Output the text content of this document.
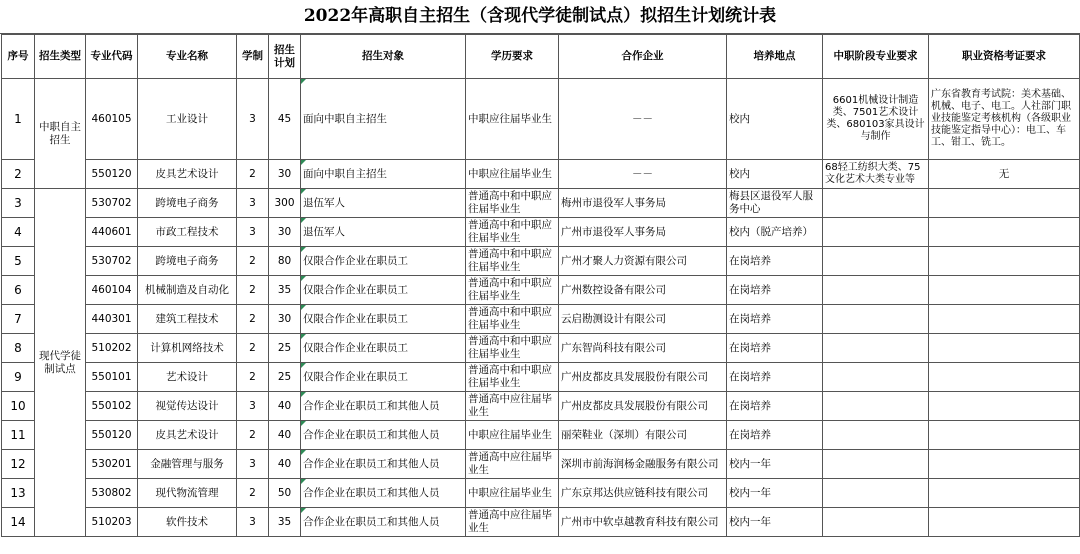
2022年高职自主招生（含现代学徒制试点）拟招生计划统计表
序号	招生类型	专业代码	专业名称	学制	招生计划	招生对象	学历要求	合作企业	培养地点	中职阶段专业要求	职业资格考证要求
1	中职自主招生	460105	工业设计	3	45	面向中职自主招生	中职应往届毕业生	－－	校内	6601机械设计制造类、7501艺术设计类、680103家具设计与制作	广东省教育考试院：美术基础、机械、电子、电工。人社部门职业技能鉴定考核机构（各级职业技能鉴定指导中心）：电工、车工、钳工、铣工。
2		550120	皮具艺术设计	2	30	面向中职自主招生	中职应往届毕业生	－－	校内	68轻工纺织大类、75文化艺术大类专业等	无
3	现代学徒制试点	530702	跨境电子商务	3	300	退伍军人	普通高中和中职应往届毕业生	梅州市退役军人事务局	梅县区退役军人服务中心		
4		440601	市政工程技术	3	30	退伍军人	普通高中和中职应往届毕业生	广州市退役军人事务局	校内（脱产培养）		
5		530702	跨境电子商务	2	80	仅限合作企业在职员工	普通高中和中职应往届毕业生	广州才聚人力资源有限公司	在岗培养		
6		460104	机械制造及自动化	2	35	仅限合作企业在职员工	普通高中和中职应往届毕业生	广州数控设备有限公司	在岗培养		
7		440301	建筑工程技术	2	30	仅限合作企业在职员工	普通高中和中职应往届毕业生	云启勘测设计有限公司	在岗培养		
8		510202	计算机网络技术	2	25	仅限合作企业在职员工	普通高中和中职应往届毕业生	广东智尚科技有限公司	在岗培养		
9		550101	艺术设计	2	25	仅限合作企业在职员工	普通高中和中职应往届毕业生	广州皮都皮具发展股份有限公司	在岗培养		
10		550102	视觉传达设计	3	40	合作企业在职员工和其他人员	普通高中应往届毕业生	广州皮都皮具发展股份有限公司	在岗培养		
11		550120	皮具艺术设计	2	40	合作企业在职员工和其他人员	中职应往届毕业生	丽荣鞋业（深圳）有限公司	在岗培养		
12		530201	金融管理与服务	3	40	合作企业在职员工和其他人员	普通高中应往届毕业生	深圳市前海润杨金融服务有限公司	校内一年		
13		530802	现代物流管理	2	50	合作企业在职员工和其他人员	中职应往届毕业生	广东京邦达供应链科技有限公司	校内一年		
14		510203	软件技术	3	35	合作企业在职员工和其他人员	普通高中应往届毕业生	广州市中软卓越教育科技有限公司	校内一年		
